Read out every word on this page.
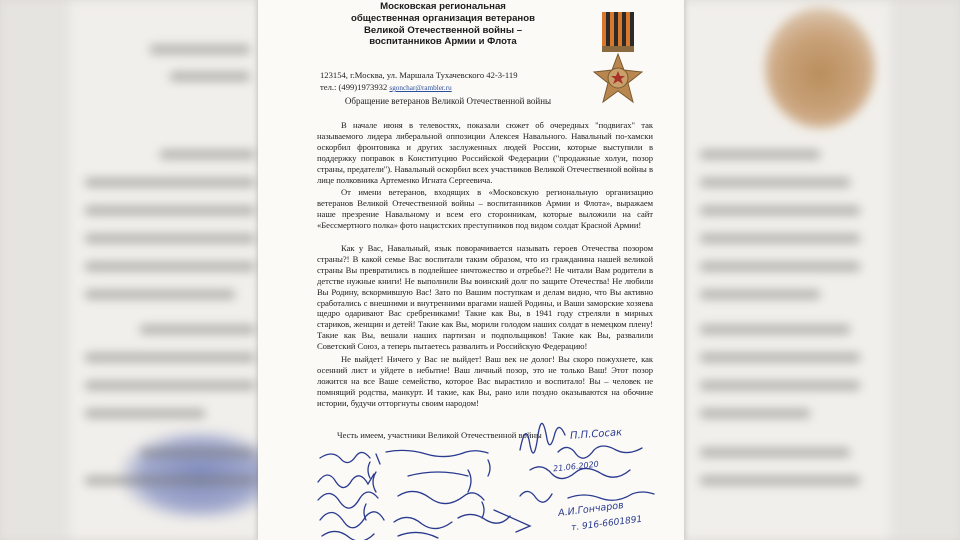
Московская региональная
общественная организация ветеранов
Великой Отечественной войны –
воспитанников Армии и Флота
123154, г.Москва, ул. Маршала Тухачевского 42-3-119
тел.: (499)1973932 sgonchar@rambler.ru
Обращение ветеранов Великой Отечественной войны

В начале июня в телевостях, показали сюжет об очередных "подвигах" так называемого лидера либеральной оппозиции Алексея Навального. Навальный по-хамски оскорбил фронтовика и других заслуженных людей России, которые выступили в поддержку поправок в Конституцию Российской Федерации ("продажные холуи, позор страны, предатели"). Навальный оскорбил всех участников Великой Отечественной войны в лице полковника Артеменко Игната Сергеевича.

От имени ветеранов, входящих в «Московскую региональную организацию ветеранов Великой Отечественной войны – воспитанников Армии и Флота», выражаем наше презрение Навальному и всем его сторонникам, которые выложили на сайт «Бессмертного полка» фото нацистских преступников под видом солдат Красной Армии!

Как у Вас, Навальный, язык поворачивается называть героев Отечества позором страны?! В какой семье Вас воспитали таким образом, что из гражданина нашей великой страны Вы превратились в подлейшее ничтожество и отребье?! Не читали Вам родители в детстве нужные книги! Не выполнили Вы воинский долг по защите Отечества! Не любили Вы Родину, вскормившую Вас! Зато по Вашим поступкам и делам видно, что Вы активно сработались с внешними и внутренними врагами нашей Родины, и Ваши заморские хозяева щедро одаривают Вас сребрениками! Такие как Вы, в 1941 году стреляли в мирных стариков, женщин и детей! Такие как Вы, морили голодом наших солдат в немецком плену! Такие как Вы, вешали наших партизан и подпольщиков! Такие как Вы, развалили Советский Союз, а теперь пытаетесь развалить и Российскую Федерацию!

Не выйдет! Ничего у Вас не выйдет! Ваш век не долог! Вы скоро пожухнете, как осенний лист и уйдете в небытие! Ваш личный позор, это не только Ваш! Этот позор ложится на все Ваше семейство, которое Вас вырастило и воспитало! Вы – человек не помнящий родства, манкурт. И такие, как Вы, рано или поздно оказываются на обочине истории, будучи отторгнуты своим народом!

Честь имеем, участники Великой Отечественной войны	П.П.Сосак
21.06.2020
А.И.Гончаров
т. 916-6601891
